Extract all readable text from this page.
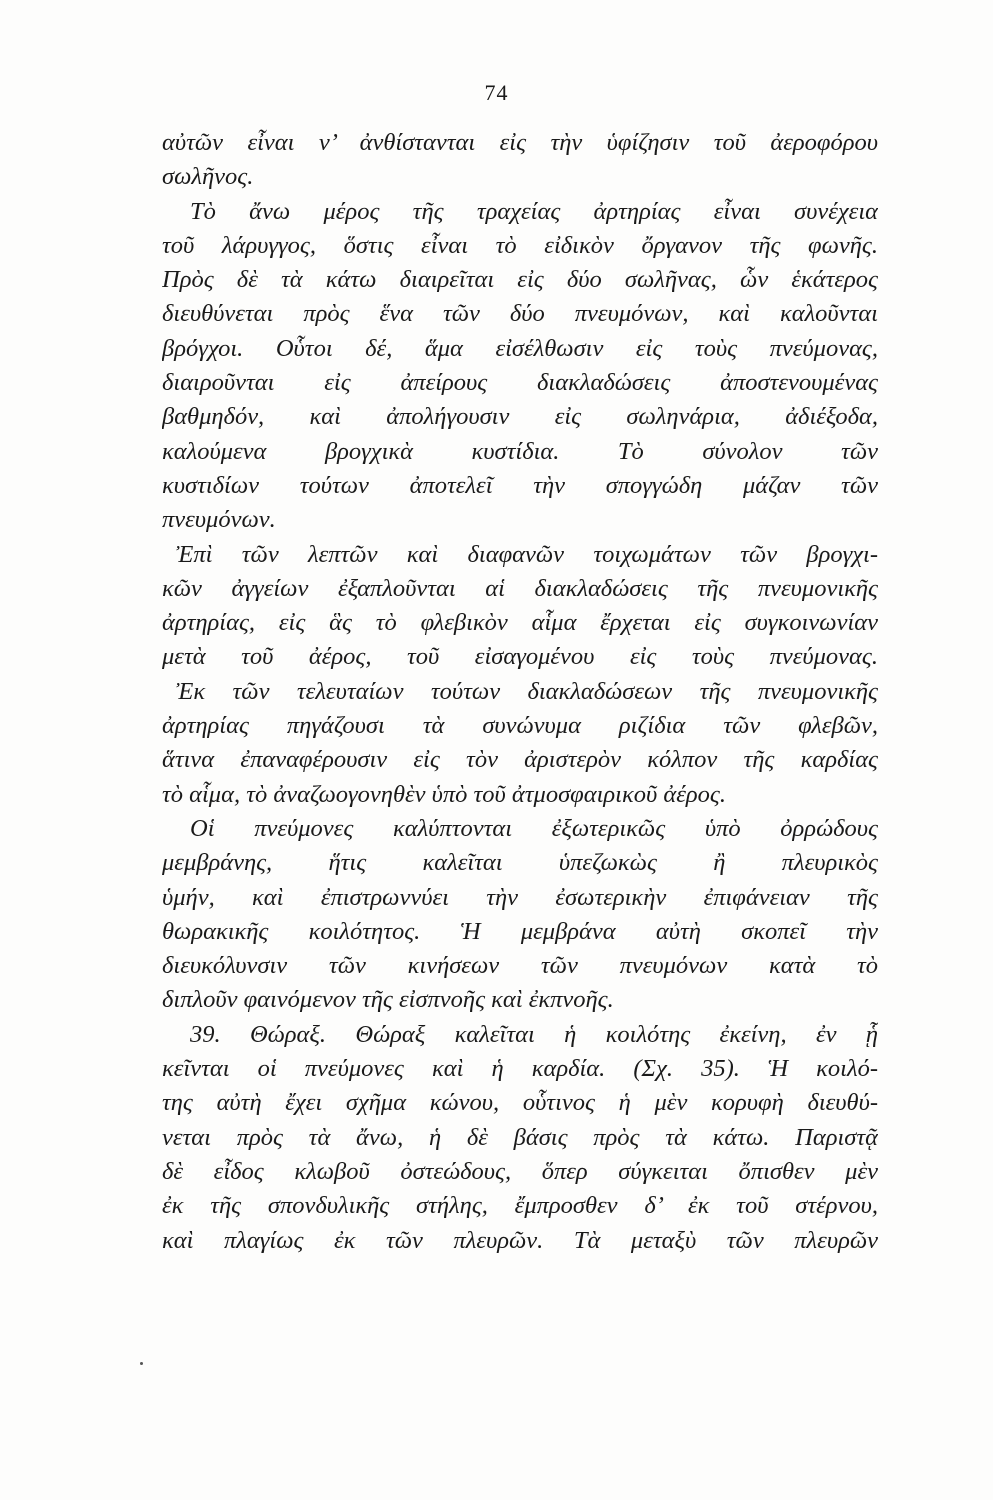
74
αὐτῶν εἶναι ν’ ἀνθίστανται εἰς τὴν ὑφίζησιν τοῦ ἀεροφόρου
σωλῆνος.
Τὸ ἄνω μέρος τῆς τραχείας ἀρτηρίας εἶναι συνέχεια
τοῦ λάρυγγος, ὅστις εἶναι τὸ εἰδικὸν ὄργανον τῆς φωνῆς.
Πρὸς δὲ τὰ κάτω διαιρεῖται εἰς δύο σωλῆνας, ὧν ἑκάτερος
διευθύνεται πρὸς ἕνα τῶν δύο πνευμόνων, καὶ καλοῦνται
βρόγχοι. Οὗτοι δέ, ἅμα εἰσέλθωσιν εἰς τοὺς πνεύμονας,
διαιροῦνται εἰς ἀπείρους διακλαδώσεις ἀποστενουμένας
βαθμηδόν, καὶ ἀπολήγουσιν εἰς σωληνάρια, ἀδιέξοδα,
καλούμενα βρογχικὰ κυστίδια. Τὸ σύνολον τῶν
κυστιδίων τούτων ἀποτελεῖ τὴν σπογγώδη μάζαν τῶν
πνευμόνων.
Ἐπὶ τῶν λεπτῶν καὶ διαφανῶν τοιχωμάτων τῶν βρογχι-
κῶν ἀγγείων ἐξαπλοῦνται αἱ διακλαδώσεις τῆς πνευμονικῆς
ἀρτηρίας, εἰς ἃς τὸ φλεβικὸν αἷμα ἔρχεται εἰς συγκοινωνίαν
μετὰ τοῦ ἀέρος, τοῦ εἰσαγομένου εἰς τοὺς πνεύμονας.
Ἐκ τῶν τελευταίων τούτων διακλαδώσεων τῆς πνευμονικῆς
ἀρτηρίας πηγάζουσι τὰ συνώνυμα ριζίδια τῶν φλεβῶν,
ἅτινα ἐπαναφέρουσιν εἰς τὸν ἀριστερὸν κόλπον τῆς καρδίας
τὸ αἷμα, τὸ ἀναζωογονηθὲν ὑπὸ τοῦ ἀτμοσφαιρικοῦ ἀέρος.
Οἱ πνεύμονες καλύπτονται ἐξωτερικῶς ὑπὸ ὀρρώδους
μεμβράνης, ἥτις καλεῖται ὑπεζωκὼς ἢ πλευρικὸς
ὑμήν, καὶ ἐπιστρωννύει τὴν ἐσωτερικὴν ἐπιφάνειαν τῆς
θωρακικῆς κοιλότητος. Ἡ μεμβράνα αὐτὴ σκοπεῖ τὴν
διευκόλυνσιν τῶν κινήσεων τῶν πνευμόνων κατὰ τὸ
διπλοῦν φαινόμενον τῆς εἰσπνοῆς καὶ ἐκπνοῆς.
39. Θώραξ. Θώραξ καλεῖται ἡ κοιλότης ἐκείνη, ἐν ᾗ
κεῖνται οἱ πνεύμονες καὶ ἡ καρδία. (Σχ. 35). Ἡ κοιλό-
της αὐτὴ ἔχει σχῆμα κώνου, οὗτινος ἡ μὲν κορυφὴ διευθύ-
νεται πρὸς τὰ ἄνω, ἡ δὲ βάσις πρὸς τὰ κάτω. Παριστᾷ
δὲ εἶδος κλωβοῦ ὀστεώδους, ὅπερ σύγκειται ὄπισθεν μὲν
ἐκ τῆς σπονδυλικῆς στήλης, ἔμπροσθεν δ’ ἐκ τοῦ στέρνου,
καὶ πλαγίως ἐκ τῶν πλευρῶν. Τὰ μεταξὺ τῶν πλευρῶν
